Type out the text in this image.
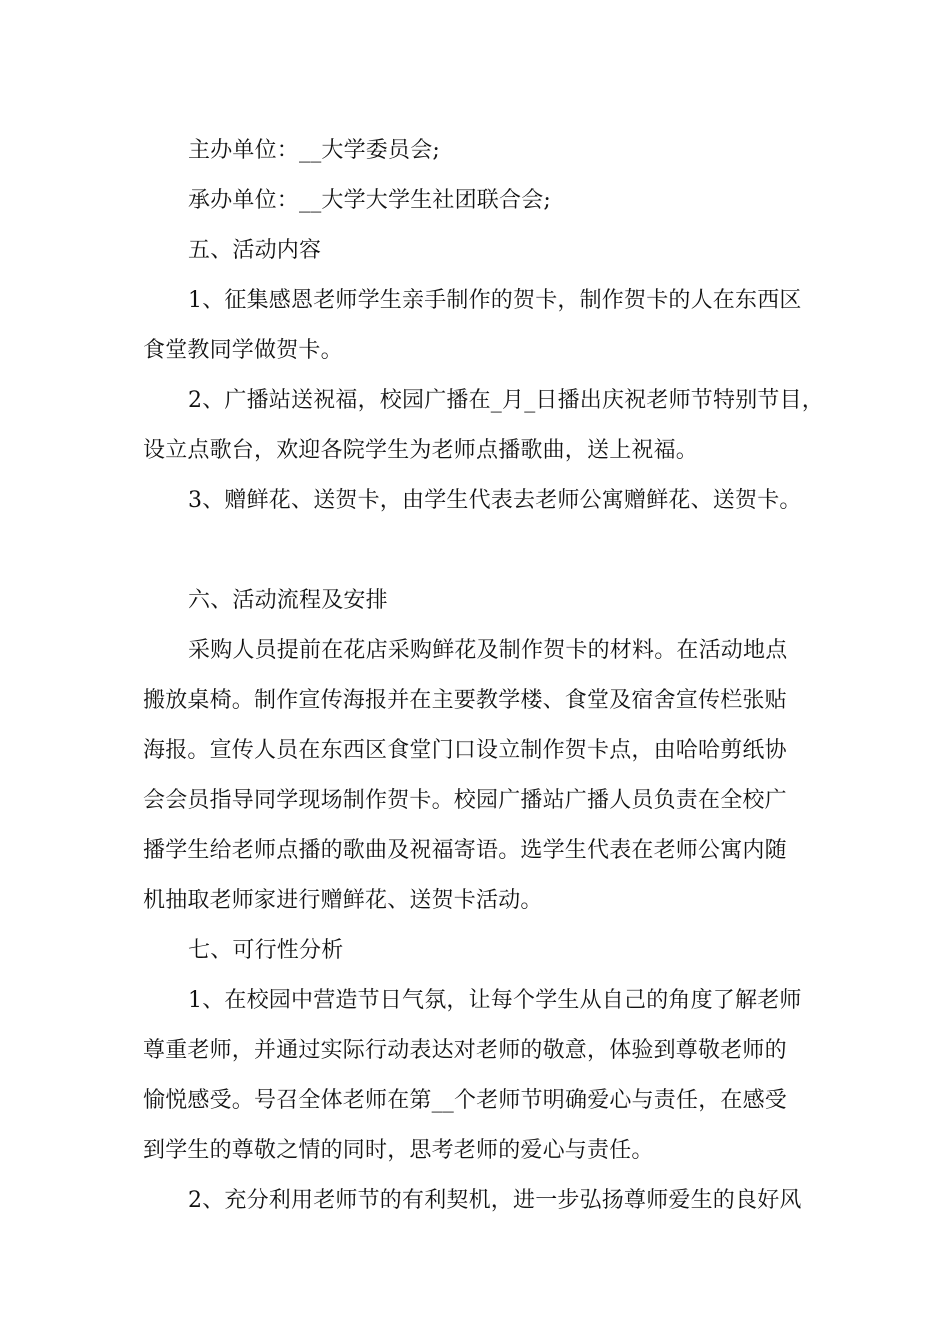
主办单位：__大学委员会;
承办单位：__大学大学生社团联合会;
五、活动内容
1、征集感恩老师学生亲手制作的贺卡，制作贺卡的人在东西区
食堂教同学做贺卡。
2、广播站送祝福，校园广播在_月_日播出庆祝老师节特别节目，
设立点歌台，欢迎各院学生为老师点播歌曲，送上祝福。
3、赠鲜花、送贺卡，由学生代表去老师公寓赠鲜花、送贺卡。
六、活动流程及安排
采购人员提前在花店采购鲜花及制作贺卡的材料。在活动地点
搬放桌椅。制作宣传海报并在主要教学楼、食堂及宿舍宣传栏张贴
海报。宣传人员在东西区食堂门口设立制作贺卡点，由哈哈剪纸协
会会员指导同学现场制作贺卡。校园广播站广播人员负责在全校广
播学生给老师点播的歌曲及祝福寄语。选学生代表在老师公寓内随
机抽取老师家进行赠鲜花、送贺卡活动。
七、可行性分析
1、在校园中营造节日气氛，让每个学生从自己的角度了解老师
尊重老师，并通过实际行动表达对老师的敬意，体验到尊敬老师的
愉悦感受。号召全体老师在第__个老师节明确爱心与责任，在感受
到学生的尊敬之情的同时，思考老师的爱心与责任。
2、充分利用老师节的有利契机，进一步弘扬尊师爱生的良好风
